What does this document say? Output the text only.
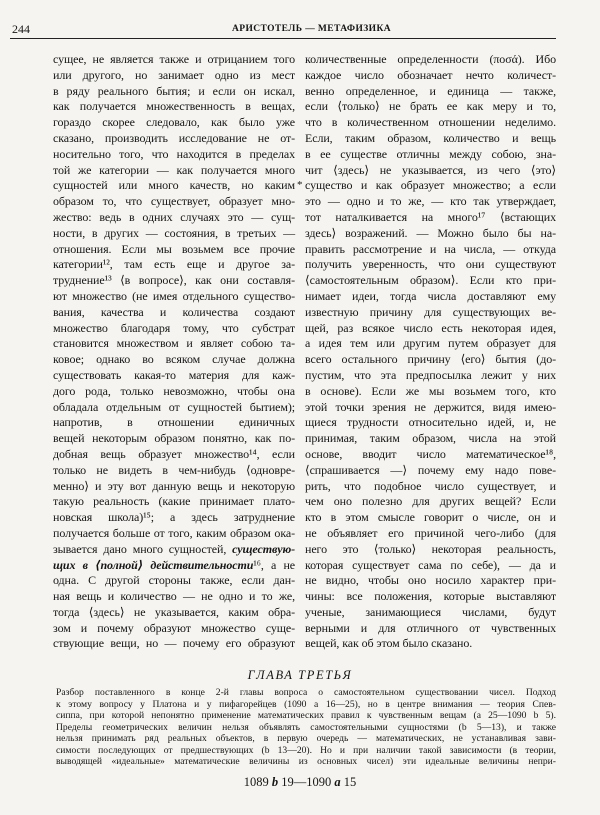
244	АРИСТОТЕЛЬ — МЕТАФИЗИКА
сущее, не является также и отрицанием того
или другого, но занимает одно из мест
в ряду реального бытия; и если он искал,
как получается множественность в вещах,
гораздо скорее следовало, как было уже
сказано, производить исследование не от-
носительно того, что находится в пределах
той же категории — как получается много
сущностей или много качеств, но каким
образом то, что существует, образует мно-
жество: ведь в одних случаях это — сущ-
ности, в других — состояния, в третьих —
отношения. Если мы возьмем все прочие
категории¹², там есть еще и другое за-
труднение¹³ ⟨в вопросе⟩, как они составля-
ют множество (не имея отдельного существо-
вания, качества и количества создают
множество благодаря тому, что субстрат
становится множеством и являет собою та-
ковое; однако во всяком случае должна
существовать какая-то материя для каж-
дого рода, только невозможно, чтобы она
обладала отдельным от сущностей бытием);
напротив, в отношении единичных
вещей некоторым образом понятно, как по-
добная вещь образует множество¹⁴, если
только не видеть в чем-нибудь ⟨одновре-
менно⟩ и эту вот данную вещь и некоторую
такую реальность (какие принимает плато-
новская школа)¹⁵; а здесь затруднение
получается больше от того, каким образом ока-
зывается дано много сущностей, существую-
щих в ⟨полной⟩ действительности¹⁶, а не
одна. С другой стороны также, если дан-
ная вещь и количество — не одно и то же,
тогда ⟨здесь⟩ не указывается, каким обра-
зом и почему образуют множество суще-
ствующие вещи, но — почему его образуют
*
количественные определенности (ποσά). Ибо
каждое число обозначает нечто количест-
венно определенное, и единица — также,
если ⟨только⟩ не брать ее как меру и то,
что в количественном отношении неделимо.
Если, таким образом, количество и вещь
в ее существе отличны между собою, зна-
чит ⟨здесь⟩ не указывается, из чего ⟨это⟩
существо и как образует множество; а если
это — одно и то же, — кто так утверждает,
тот наталкивается на много¹⁷ ⟨встающих
здесь⟩ возражений. — Можно было бы на-
править рассмотрение и на числа, — откуда
получить уверенность, что они существуют
⟨самостоятельным образом⟩. Если кто при-
нимает идеи, тогда числа доставляют ему
известную причину для существующих ве-
щей, раз всякое число есть некоторая идея,
а идея тем или другим путем образует для
всего остального причину ⟨его⟩ бытия (до-
пустим, что эта предпосылка лежит у них
в основе). Если же мы возьмем того, кто
этой точки зрения не держится, видя имею-
щиеся трудности относительно идей, и, не
принимая, таким образом, числа на этой
основе, вводит число математическое¹⁸,
⟨спрашивается —⟩ почему ему надо пове-
рить, что подобное число существует, и
чем оно полезно для других вещей? Если
кто в этом смысле говорит о числе, он и
не объявляет его причиной чего-либо (для
него это ⟨только⟩ некоторая реальность,
которая существует сама по себе), — да и
не видно, чтобы оно носило характер при-
чины: все положения, которые выставляют
ученые, занимающиеся числами, будут
верными и для отличного от чувственных
вещей, как об этом было сказано.
ГЛАВА ТРЕТЬЯ
Разбор поставленного в конце 2-й главы вопроса о самостоятельном существовании чисел. Подход
к этому вопросу у Платона и у пифагорейцев (1090 a 16—25), но в центре внимания — теория Спев-
сиппа, при которой непонятно применение математических правил к чувственным вещам (a 25—1090 b 5).
Пределы геометрических величин нельзя объявлять самостоятельными сущностями (b 5—13), и также
нельзя принимать ряд реальных объектов, в первую очередь — математических, не устанавливая зави-
симости последующих от предшествующих (b 13—20). Но и при наличии такой зависимости (в теории,
выводящей «идеальные» математические величины из основных чисел) эти идеальные величины непри-
1089 b 19—1090 a 15
